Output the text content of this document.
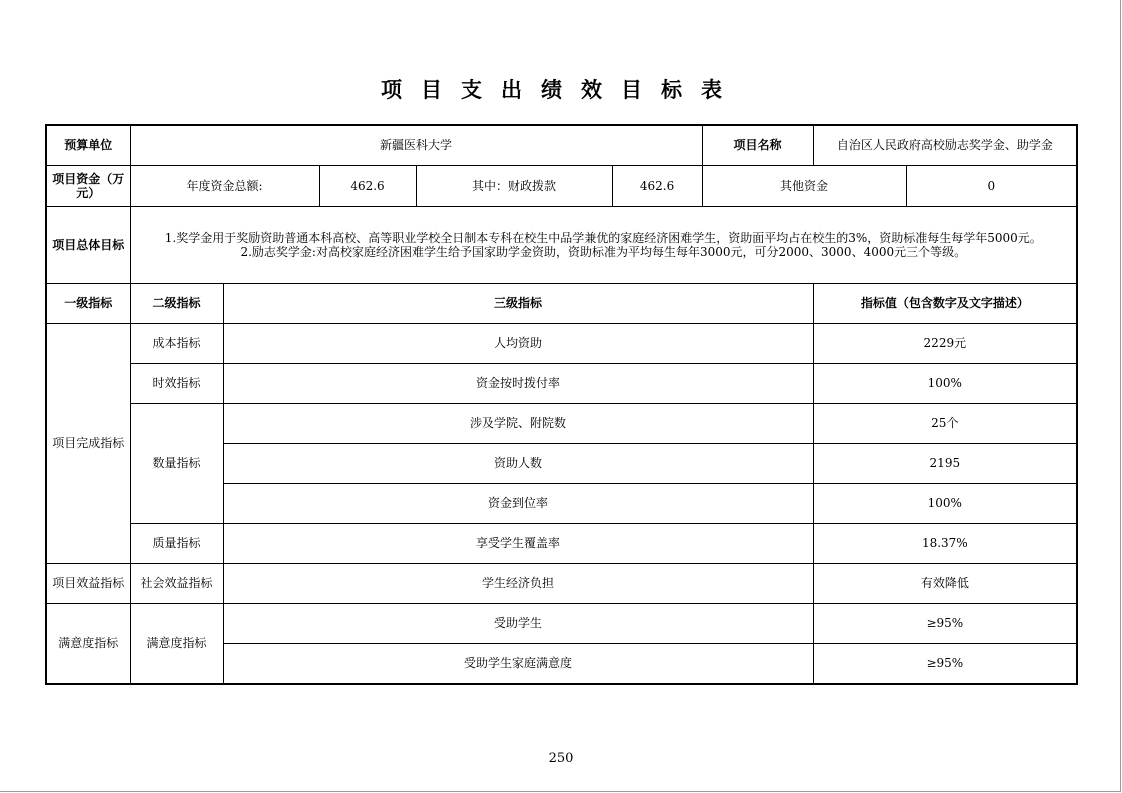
项目支出绩效目标表
预算单位	新疆医科大学					项目名称	自治区人民政府高校励志奖学金、助学金	
项目资金（万元）	年度资金总额:		462.6	其中：财政拨款	462.6	其他资金		0
项目总体目标	1.奖学金用于奖励资助普通本科高校、高等职业学校全日制本专科在校生中品学兼优的家庭经济困难学生，资助面平均占在校生的3%，资助标准每生每学年5000元。
2.励志奖学金:对高校家庭经济困难学生给予国家助学金资助，资助标准为平均每生每年3000元，可分2000、3000、4000元三个等级。							

一级指标	二级指标	三级指标					指标值（包含数字及文字描述）	
项目完成指标	成本指标	人均资助					2229元	
	时效指标	资金按时拨付率					100%	
	数量指标	涉及学院、附院数					25个	
		资助人数					2195	
		资金到位率					100%	
	质量指标	享受学生覆盖率					18.37%	
项目效益指标	社会效益指标	学生经济负担					有效降低	
满意度指标	满意度指标	受助学生					≥95%	
		受助学生家庭满意度					≥95%	
250
